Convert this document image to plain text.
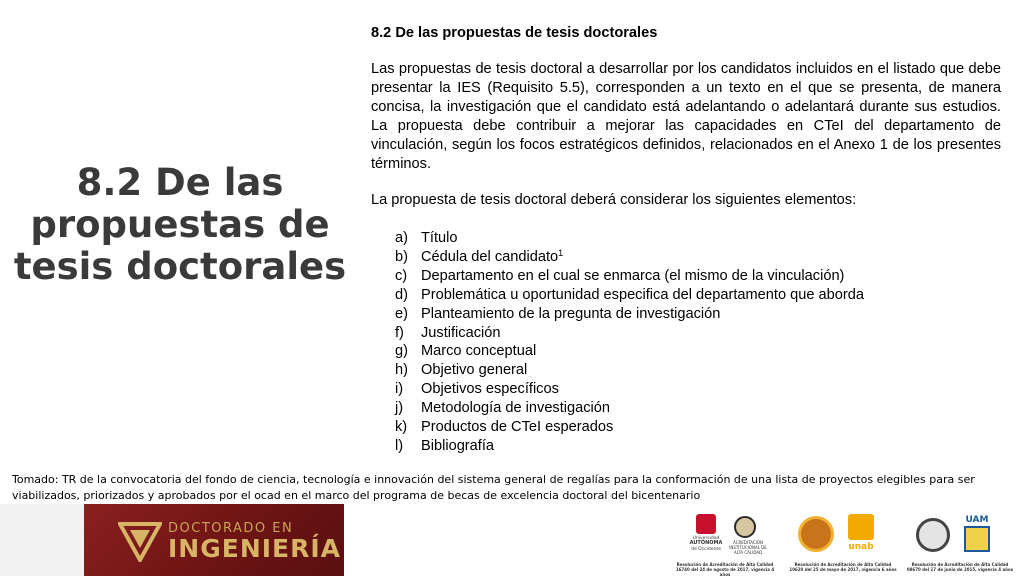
8.2 De las propuestas de tesis doctorales
8.2 De las propuestas de tesis doctorales

Las propuestas de tesis doctoral a desarrollar por los candidatos incluidos en el listado que debe presentar la IES (Requisito 5.5), corresponden a un texto en el que se presenta, de manera concisa, la investigación que el candidato está adelantando o adelantará durante sus estudios. La propuesta debe contribuir a mejorar las capacidades en CTeI del departamento de vinculación, según los focos estratégicos definidos, relacionados en el Anexo 1 de los presentes términos.

La propuesta de tesis doctoral deberá considerar los siguientes elementos:

a) Título
b) Cédula del candidato$^1$
c) Departamento en el cual se enmarca (el mismo de la vinculación)
d) Problemática u oportunidad especifica del departamento que aborda
e) Planteamiento de la pregunta de investigación
f)	Justificación
g) Marco conceptual
h) Objetivo general
i)	Objetivos específicos
j)	Metodología de investigación
k) Productos de CTeI esperados
l)	Bibliografía
Tomado: TR de la convocatoria del fondo de ciencia, tecnología e innovación del sistema general de regalías para la conformación de una lista de proyectos elegibles para ser viabilizados, priorizados y aprobados por el ocad en el marco del programa de becas de excelencia doctoral del bicentenario
DOCTORADO EN
INGENIERÍA	Universidad
AUTÓNOMA
de Occidente
ACREDITACIÓN INSTITUCIONAL DE ALTA CALIDAD
Resolución de Acreditación de Alta Calidad 16740 del 24 de agosto de 2017, vigencia 4 años
unab
Resolución de Acreditación de Alta Calidad 10620 del 25 de mayo de 2017, vigencia 6 años
UAM
Resolución de Acreditación de Alta Calidad 08670 del 17 de junio de 2015, vigencia 4 años
